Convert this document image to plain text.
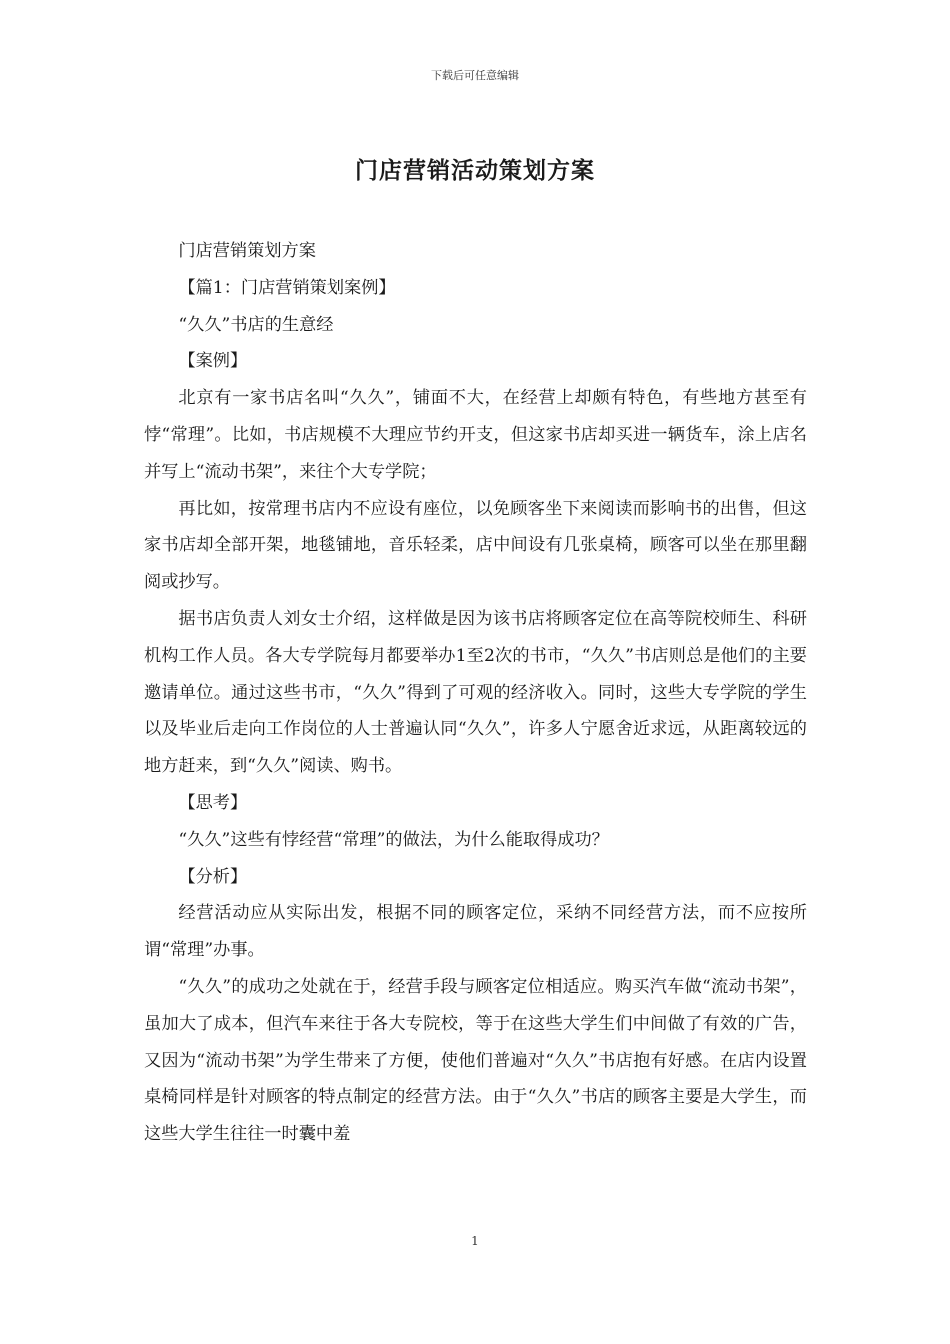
下载后可任意编辑
门店营销活动策划方案

门店营销策划方案

【篇1：门店营销策划案例】

“久久”书店的生意经

【案例】

北京有一家书店名叫“久久”，铺面不大，在经营上却颇有特色，有些地方甚至有悖“常理”。比如，书店规模不大理应节约开支，但这家书店却买进一辆货车，涂上店名并写上“流动书架”，来往个大专学院；

再比如，按常理书店内不应设有座位，以免顾客坐下来阅读而影响书的出售，但这家书店却全部开架，地毯铺地，音乐轻柔，店中间设有几张桌椅，顾客可以坐在那里翻阅或抄写。

据书店负责人刘女士介绍，这样做是因为该书店将顾客定位在高等院校师生、科研机构工作人员。各大专学院每月都要举办1至2次的书市，“久久”书店则总是他们的主要邀请单位。通过这些书市，“久久”得到了可观的经济收入。同时，这些大专学院的学生以及毕业后走向工作岗位的人士普遍认同“久久”，许多人宁愿舍近求远，从距离较远的地方赶来，到“久久”阅读、购书。

【思考】

“久久”这些有悖经营“常理”的做法，为什么能取得成功？

【分析】

经营活动应从实际出发，根据不同的顾客定位，采纳不同经营方法，而不应按所谓“常理”办事。

“久久”的成功之处就在于，经营手段与顾客定位相适应。购买汽车做“流动书架”，虽加大了成本，但汽车来往于各大专院校，等于在这些大学生们中间做了有效的广告，又因为“流动书架”为学生带来了方便，使他们普遍对“久久”书店抱有好感。在店内设置桌椅同样是针对顾客的特点制定的经营方法。由于“久久”书店的顾客主要是大学生，而这些大学生往往一时囊中羞

1
